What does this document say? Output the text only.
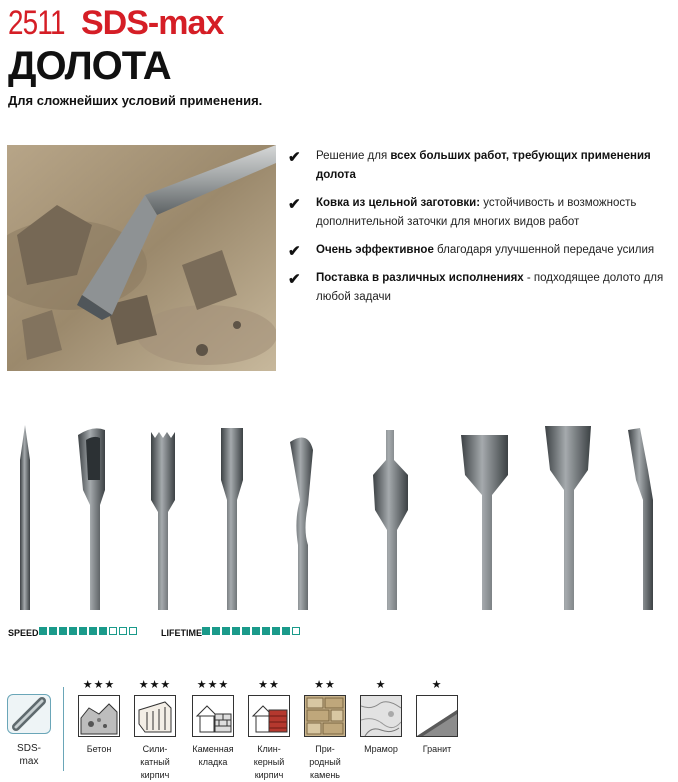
2511 SDS-max
ДОЛОТА
Для сложнейших условий применения.
✔ Решение для всех больших работ, требующих применения долота
✔ Ковка из цельной заготовки: устойчивость и возможность дополнительной заточки для многих видов работ
✔ Очень эффективное благодаря улучшенной передаче усилия
✔ Поставка в различных исполнениях - подходящее долото для любой задачи
SPEED	LIFETIME
SDS-
max
★★★
Бетон
★★★
Сили-
катный
кирпич
★★★
Каменная
кладка
★★
Клин-
керный
кирпич
★★
При-
родный
камень
★
Мрамор
★
Гранит
